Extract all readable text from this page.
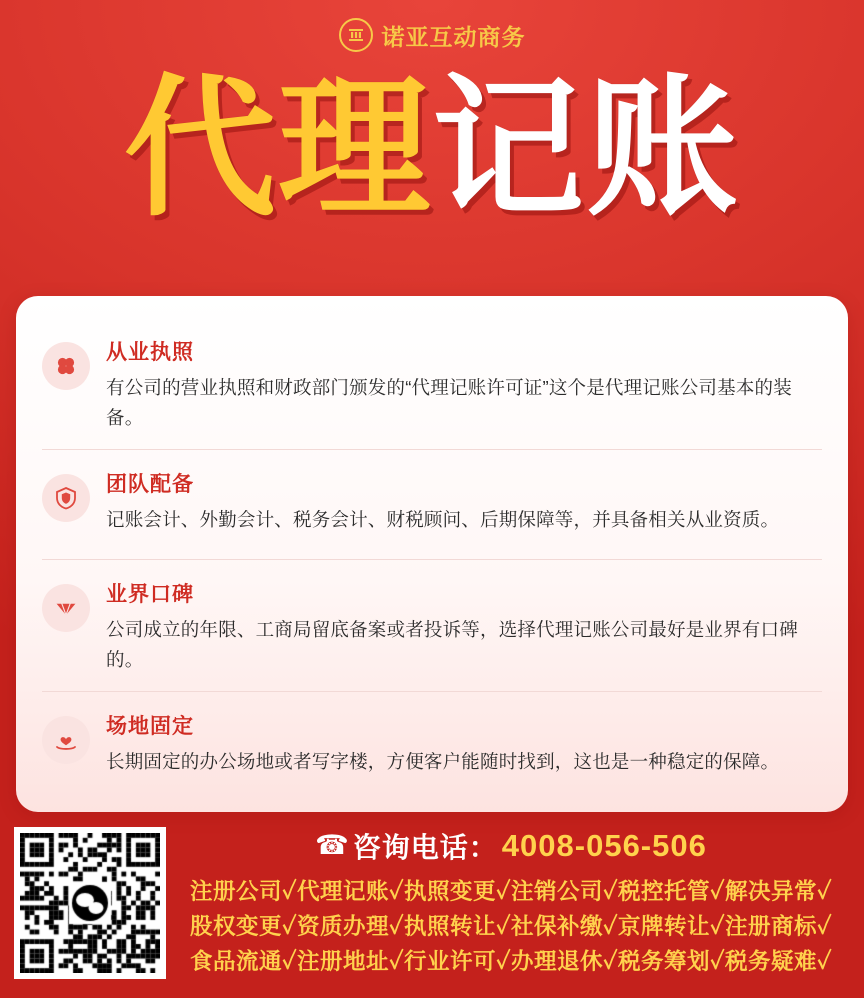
诺亚互动商务
代理记账
从业执照
有公司的营业执照和财政部门颁发的“代理记账许可证”这个是代理记账公司基本的装备。
团队配备
记账会计、外勤会计、税务会计、财税顾问、后期保障等，并具备相关从业资质。
业界口碑
公司成立的年限、工商局留底备案或者投诉等，选择代理记账公司最好是业界有口碑的。
场地固定
长期固定的办公场地或者写字楼，方便客户能随时找到，这也是一种稳定的保障。
☎ 咨询电话： 4008-056-506
注册公司✓代理记账✓执照变更✓注销公司✓税控托管✓解决异常✓
股权变更✓资质办理✓执照转让✓社保补缴✓京牌转让✓注册商标✓
食品流通✓注册地址✓行业许可✓办理退休✓税务筹划✓税务疑难✓
